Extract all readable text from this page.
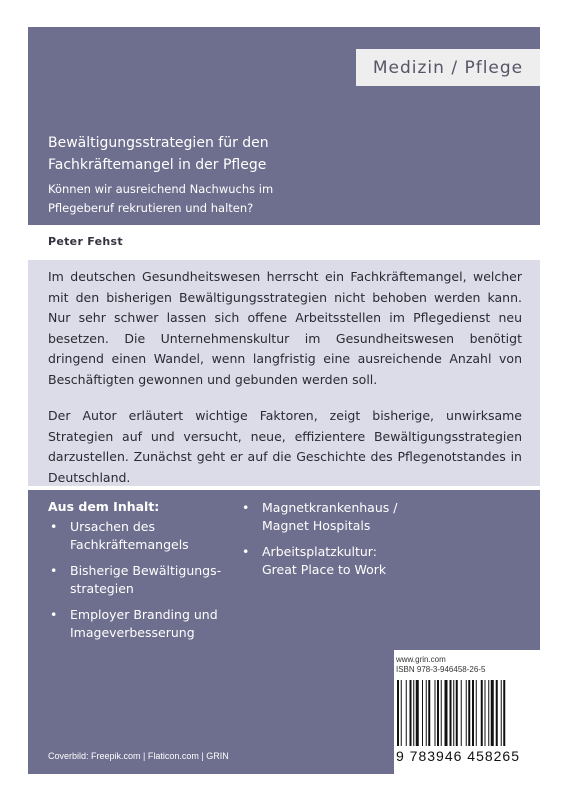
Medizin / Pflege
Bewältigungsstrategien für den
Fachkräftemangel in der Pflege
Können wir ausreichend Nachwuchs im
Pflegeberuf rekrutieren und halten?
Peter Fehst
Im deutschen Gesundheitswesen herrscht ein Fachkräftemangel, welcher mit den bisherigen Bewältigungsstrategien nicht behoben werden kann. Nur sehr schwer lassen sich offene Arbeitsstellen im Pflegedienst neu besetzen. Die Unternehmenskultur im Gesundheitswesen benötigt dringend einen Wandel, wenn langfristig eine ausreichende Anzahl von Beschäftigten gewonnen und gebunden werden soll.
Der Autor erläutert wichtige Faktoren, zeigt bisherige, unwirksame Strategien auf und versucht, neue, effizientere Bewältigungsstrategien darzustellen. Zunächst geht er auf die Geschichte des Pflegenotstandes in Deutschland.
Aus dem Inhalt:
• Ursachen des
Fachkräftemangels
• Bisherige Bewältigungs-
strategien
• Employer Branding und
Imageverbesserung
• Magnetkrankenhaus /
Magnet Hospitals
• Arbeitsplatzkultur:
Great Place to Work
www.grin.com
ISBN 978-3-946458-26-5
9 783946 458265
Coverbild: Freepik.com | Flaticon.com | GRIN
